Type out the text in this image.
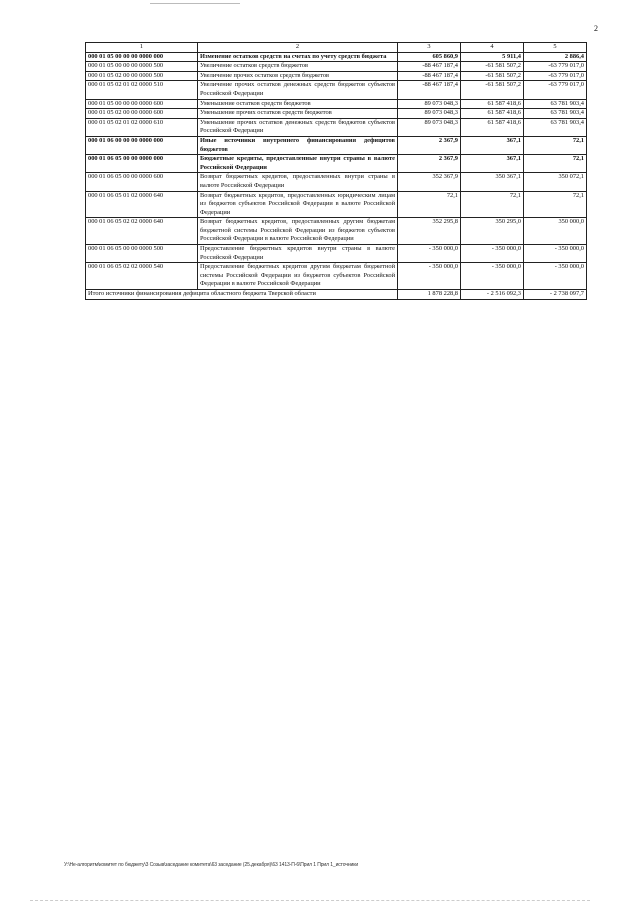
2
1	2	3	4	5
000 01 05 00 00 00 0000 000	Изменение остатков средств на счетах по учету средств бюджета	605 860,9	5 911,4	2 886,4
000 01 05 00 00 00 0000 500	Увеличение остатков средств бюджетов	-88 467 187,4	-61 581 507,2	-63 779 017,0
000 01 05 02 00 00 0000 500	Увеличение прочих остатков средств бюджетов	-88 467 187,4	-61 581 507,2	-63 779 017,0
000 01 05 02 01 02 0000 510	Увеличение прочих остатков денежных средств бюджетов субъектов Российской Федерации	-88 467 187,4	-61 581 507,2	-63 779 017,0
000 01 05 00 00 00 0000 600	Уменьшение остатков средств бюджетов	89 073 048,3	61 587 418,6	63 781 903,4
000 01 05 02 00 00 0000 600	Уменьшение прочих остатков средств бюджетов	89 073 048,3	61 587 418,6	63 781 903,4
000 01 05 02 01 02 0000 610	Уменьшение прочих остатков денежных средств бюджетов субъектов Российской Федерации	89 073 048,3	61 587 418,6	63 781 903,4
000 01 06 00 00 00 0000 000	Иные источники внутреннего финансирования дефицитов бюджетов	2 367,9	367,1	72,1
000 01 06 05 00 00 0000 000	Бюджетные кредиты, предоставленные внутри страны в валюте Российской Федерации	2 367,9	367,1	72,1
000 01 06 05 00 00 0000 600	Возврат бюджетных кредитов, предоставленных внутри страны в валюте Российской Федерации	352 367,9	350 367,1	350 072,1
000 01 06 05 01 02 0000 640	Возврат бюджетных кредитов, предоставленных юридическим лицам из бюджетов субъектов Российской Федерации в валюте Российской Федерации	72,1	72,1	72,1
000 01 06 05 02 02 0000 640	Возврат бюджетных кредитов, предоставленных другим бюджетам бюджетной системы Российской Федерации из бюджетов субъектов Российской Федерации в валюте Российской Федерации	352 295,8	350 295,0	350 000,0
000 01 06 05 00 00 0000 500	Предоставление бюджетных кредитов внутри страны в валюте Российской Федерации	- 350 000,0	- 350 000,0	- 350 000,0
000 01 06 05 02 02 0000 540	Предоставление бюджетных кредитов другим бюджетам бюджетной системы Российской Федерации из бюджетов субъектов Российской Федерации в валюте Российской Федерации	- 350 000,0	- 350 000,0	- 350 000,0
Итого источники финансирования дефицита областного бюджета Тверской области		1 878 228,8	- 2 516 092,3	- 2 738 097,7
У:\Не-алгоритм\комитет по бюджету\3 Созыв\заседание комитета\63 заседание (25.декабря)\63 1413-П-6\Прил 1 Прил 1_источники
